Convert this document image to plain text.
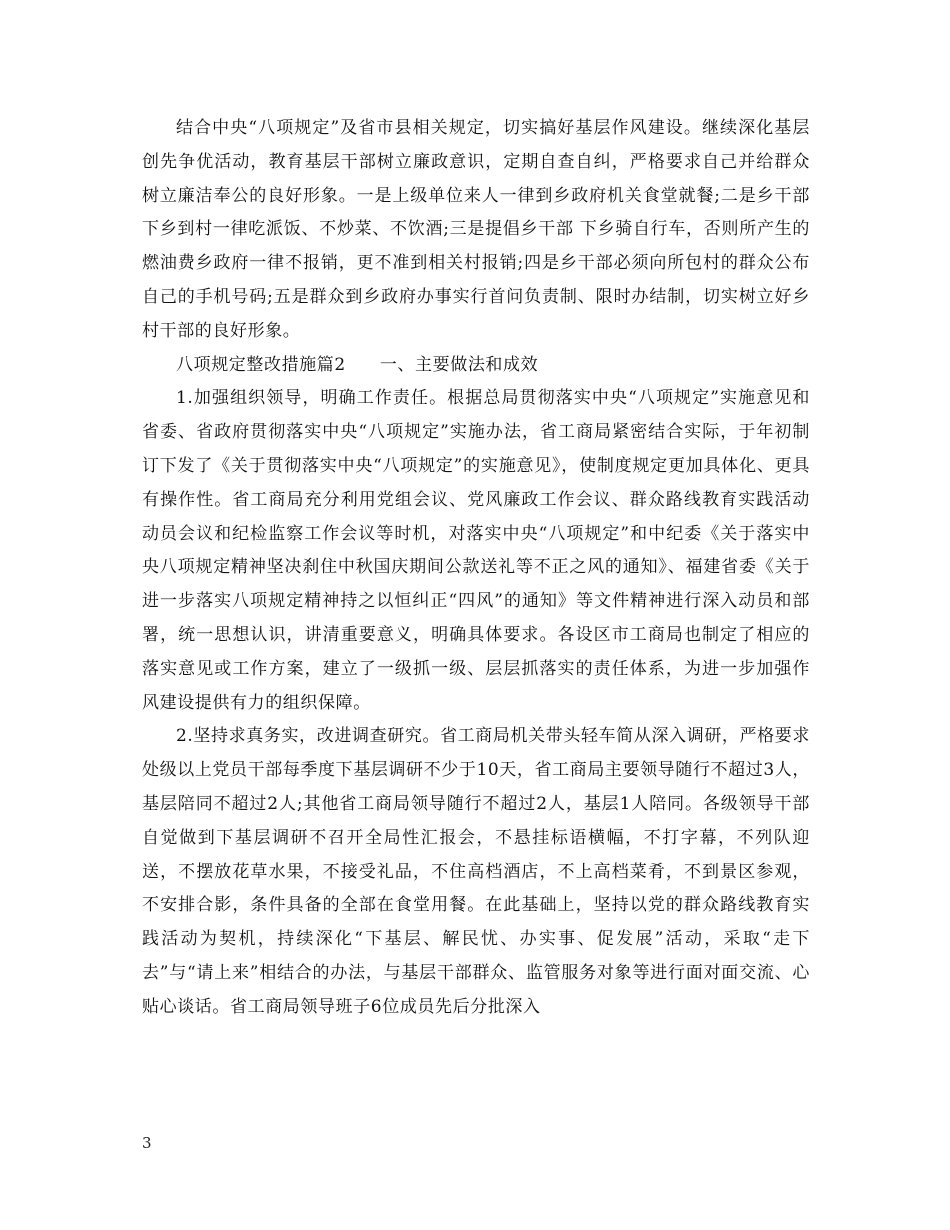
结合中央“八项规定”及省市县相关规定，切实搞好基层作风建设。继续深化基层创先争优活动，教育基层干部树立廉政意识，定期自查自纠，严格要求自己并给群众树立廉洁奉公的良好形象。一是上级单位来人一律到乡政府机关食堂就餐;二是乡干部下乡到村一律吃派饭、不炒菜、不饮酒;三是提倡乡干部 下乡骑自行车，否则所产生的燃油费乡政府一律不报销，更不准到相关村报销;四是乡干部必须向所包村的群众公布自己的手机号码;五是群众到乡政府办事实行首问负责制、限时办结制，切实树立好乡村干部的良好形象。

八项规定整改措施篇2 一、主要做法和成效

1.加强组织领导，明确工作责任。根据总局贯彻落实中央“八项规定”实施意见和省委、省政府贯彻落实中央“八项规定”实施办法，省工商局紧密结合实际，于年初制订下发了《关于贯彻落实中央“八项规定”的实施意见》，使制度规定更加具体化、更具有操作性。省工商局充分利用党组会议、党风廉政工作会议、群众路线教育实践活动动员会议和纪检监察工作会议等时机，对落实中央“八项规定”和中纪委《关于落实中央八项规定精神坚决刹住中秋国庆期间公款送礼等不正之风的通知》、福建省委《关于进一步落实八项规定精神持之以恒纠正“四风”的通知》等文件精神进行深入动员和部署，统一思想认识，讲清重要意义，明确具体要求。各设区市工商局也制定了相应的落实意见或工作方案，建立了一级抓一级、层层抓落实的责任体系，为进一步加强作风建设提供有力的组织保障。

2.坚持求真务实，改进调查研究。省工商局机关带头轻车简从深入调研，严格要求处级以上党员干部每季度下基层调研不少于10天，省工商局主要领导随行不超过3人，基层陪同不超过2人;其他省工商局领导随行不超过2人，基层1人陪同。各级领导干部自觉做到下基层调研不召开全局性汇报会，不悬挂标语横幅，不打字幕，不列队迎送，不摆放花草水果，不接受礼品，不住高档酒店，不上高档菜肴，不到景区参观，不安排合影，条件具备的全部在食堂用餐。在此基础上，坚持以党的群众路线教育实践活动为契机，持续深化“下基层、解民忧、办实事、促发展”活动，采取“走下去”与“请上来”相结合的办法，与基层干部群众、监管服务对象等进行面对面交流、心贴心谈话。省工商局领导班子6位成员先后分批深入

3
